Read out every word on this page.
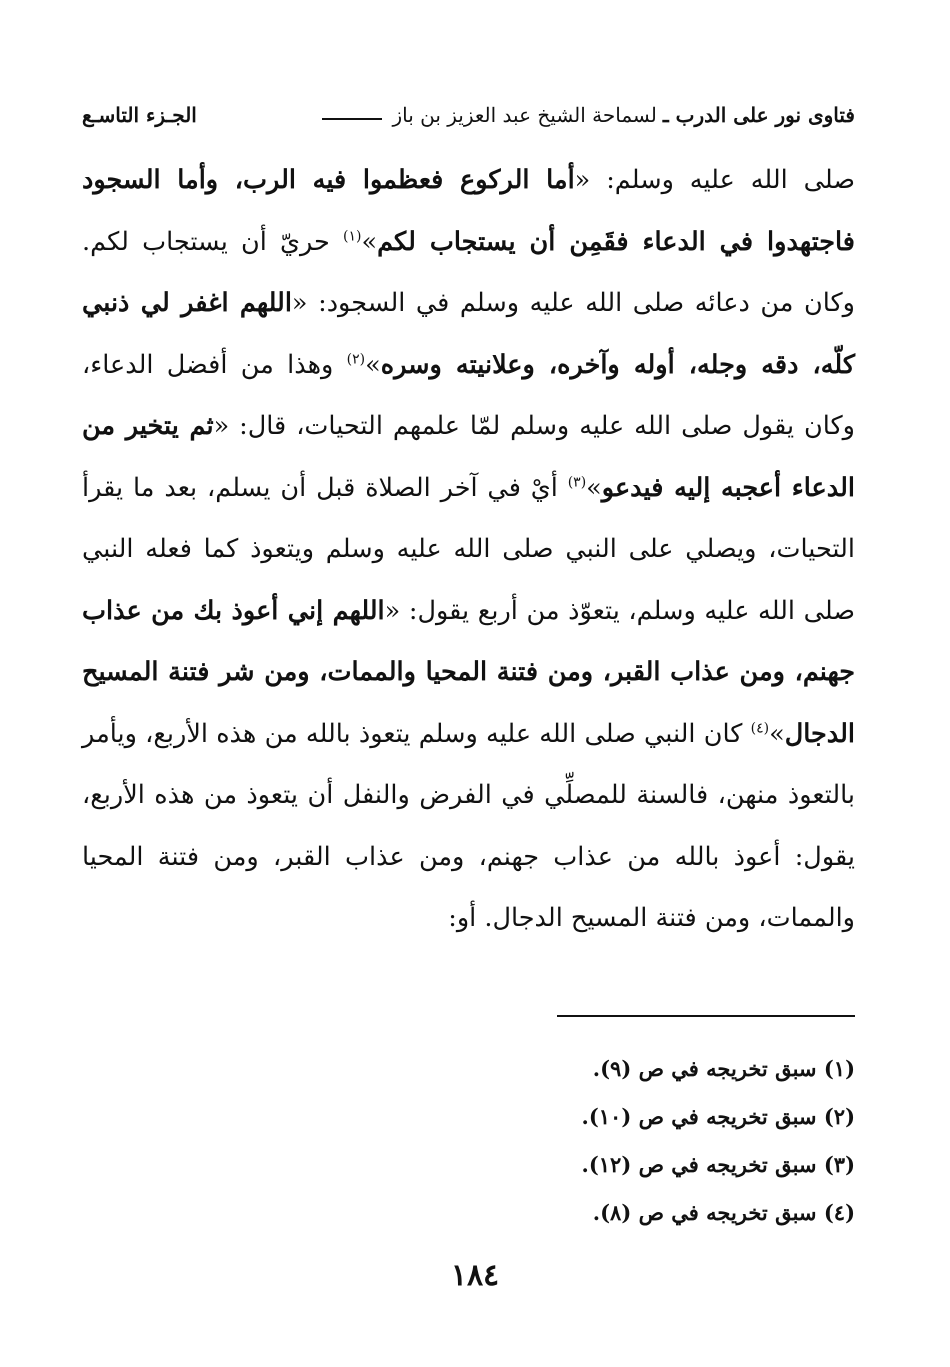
فتاوى نور على الدرب ـ
لسماحة الشيخ عبد العزيز بن باز
الجـزء التاسـع

صلى الله عليه وسلم: «أما الركوع فعظموا فيه الرب، وأما السجود فاجتهدوا في الدعاء فقَمِن أن يستجاب لكم»$^{(١)}$ حريّ أن يستجاب لكم. وكان من دعائه صلى الله عليه وسلم في السجود: «اللهم اغفر لي ذنبي كلّه، دقه وجله، أوله وآخره، وعلانيته وسره»$^{(٢)}$ وهذا من أفضل الدعاء، وكان يقول صلى الله عليه وسلم لمّا علمهم التحيات، قال: «ثم يتخير من الدعاء أعجبه إليه فيدعو»$^{(٣)}$ أيْ في آخر الصلاة قبل أن يسلم، بعد ما يقرأ التحيات، ويصلي على النبي صلى الله عليه وسلم ويتعوذ كما فعله النبي صلى الله عليه وسلم، يتعوّذ من أربع يقول: «اللهم إني أعوذ بك من عذاب جهنم، ومن عذاب القبر، ومن فتنة المحيا والممات، ومن شر فتنة المسيح الدجال»$^{(٤)}$ كان النبي صلى الله عليه وسلم يتعوذ بالله من هذه الأربع، ويأمر بالتعوذ منهن، فالسنة للمصلِّي في الفرض والنفل أن يتعوذ من هذه الأربع، يقول: أعوذ بالله من عذاب جهنم، ومن عذاب القبر، ومن فتنة المحيا والممات، ومن فتنة المسيح الدجال. أو:

(١) سبق تخريجه في ص (٩).
(٢) سبق تخريجه في ص (١٠).
(٣) سبق تخريجه في ص (١٢).
(٤) سبق تخريجه في ص (٨).
١٨٤
